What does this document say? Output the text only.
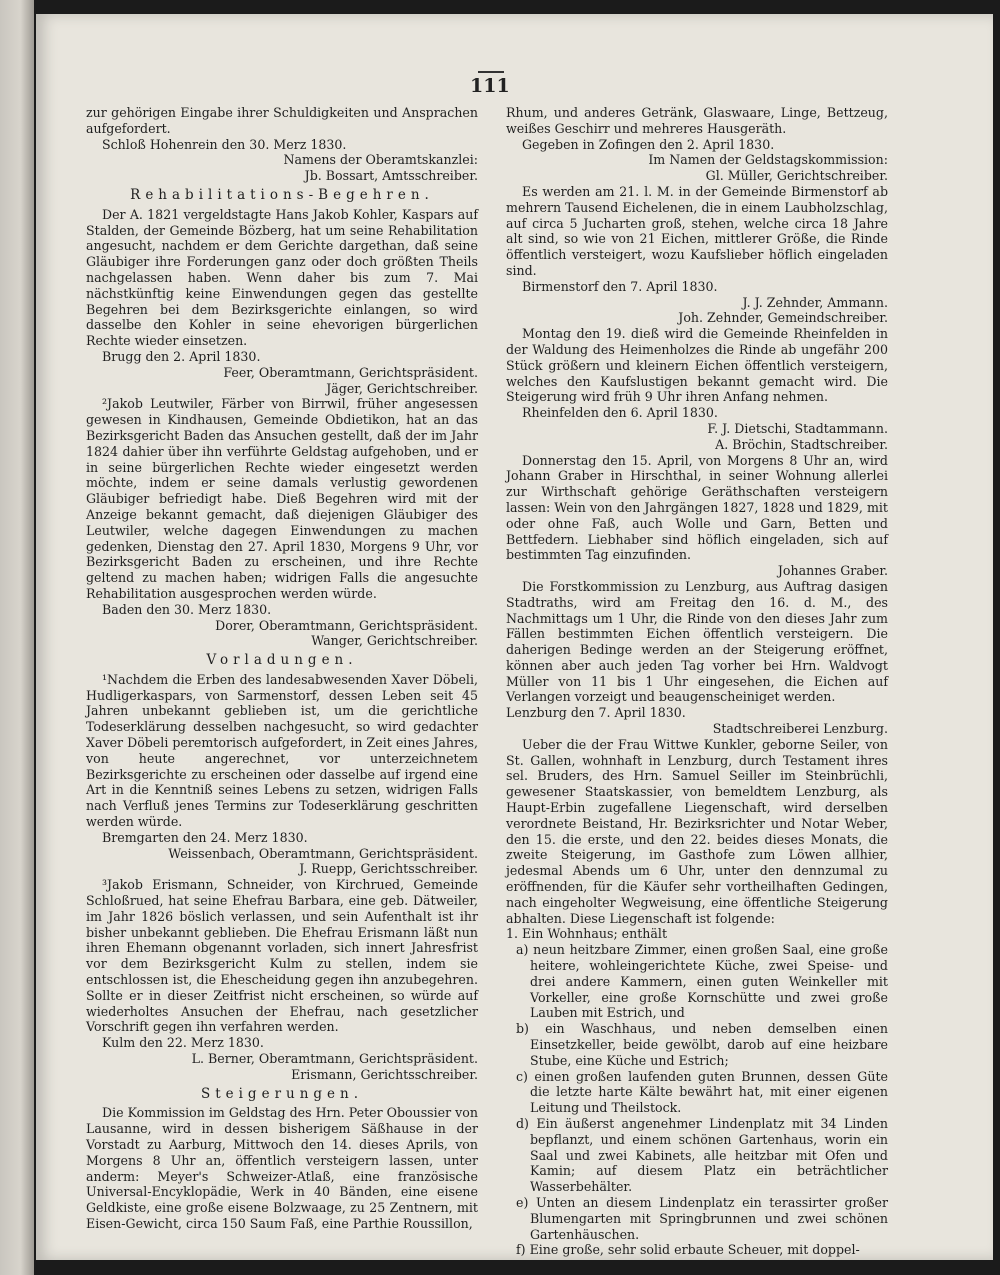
111

zur gehörigen Eingabe ihrer Schuldigkeiten und Ansprachen aufgefordert.

Schloß Hohenrein den 30. Merz 1830.

Namens der Oberamtskanzlei:

Jb. Bossart, Amtsschreiber.

Rehabilitations-Begehren.

Der A. 1821 vergeldstagte Hans Jakob Kohler, Kaspars auf Stalden, der Gemeinde Bözberg, hat um seine Rehabilitation angesucht, nachdem er dem Gerichte dargethan, daß seine Gläubiger ihre Forderungen ganz oder doch größten Theils nachgelassen haben. Wenn daher bis zum 7. Mai nächstkünftig keine Einwendungen gegen das gestellte Begehren bei dem Bezirksgerichte einlangen, so wird dasselbe den Kohler in seine ehevorigen bürgerlichen Rechte wieder einsetzen.

Brugg den 2. April 1830.

Feer, Oberamtmann, Gerichtspräsident.

Jäger, Gerichtschreiber.

²Jakob Leutwiler, Färber von Birrwil, früher angesessen gewesen in Kindhausen, Gemeinde Obdietikon, hat an das Bezirksgericht Baden das Ansuchen gestellt, daß der im Jahr 1824 dahier über ihn verführte Geldstag aufgehoben, und er in seine bürgerlichen Rechte wieder eingesetzt werden möchte, indem er seine damals verlustig gewordenen Gläubiger befriedigt habe. Dieß Begehren wird mit der Anzeige bekannt gemacht, daß diejenigen Gläubiger des Leutwiler, welche dagegen Einwendungen zu machen gedenken, Dienstag den 27. April 1830, Morgens 9 Uhr, vor Bezirksgericht Baden zu erscheinen, und ihre Rechte geltend zu machen haben; widrigen Falls die angesuchte Rehabilitation ausgesprochen werden würde.

Baden den 30. Merz 1830.

Dorer, Oberamtmann, Gerichtspräsident.

Wanger, Gerichtschreiber.

Vorladungen.

¹Nachdem die Erben des landesabwesenden Xaver Döbeli, Hudligerkaspars, von Sarmenstorf, dessen Leben seit 45 Jahren unbekannt geblieben ist, um die gerichtliche Todeserklärung desselben nachgesucht, so wird gedachter Xaver Döbeli peremtorisch aufgefordert, in Zeit eines Jahres, von heute angerechnet, vor unterzeichnetem Bezirksgerichte zu erscheinen oder dasselbe auf irgend eine Art in die Kenntniß seines Lebens zu setzen, widrigen Falls nach Verfluß jenes Termins zur Todeserklärung geschritten werden würde.

Bremgarten den 24. Merz 1830.

Weissenbach, Oberamtmann, Gerichtspräsident.

J. Ruepp, Gerichtsschreiber.

³Jakob Erismann, Schneider, von Kirchrued, Gemeinde Schloßrued, hat seine Ehefrau Barbara, eine geb. Dätweiler, im Jahr 1826 böslich verlassen, und sein Aufenthalt ist ihr bisher unbekannt geblieben. Die Ehefrau Erismann läßt nun ihren Ehemann obgenannt vorladen, sich innert Jahresfrist vor dem Bezirksgericht Kulm zu stellen, indem sie entschlossen ist, die Ehescheidung gegen ihn anzubegehren. Sollte er in dieser Zeitfrist nicht erscheinen, so würde auf wiederholtes Ansuchen der Ehefrau, nach gesetzlicher Vorschrift gegen ihn verfahren werden.

Kulm den 22. Merz 1830.

L. Berner, Oberamtmann, Gerichtspräsident.

Erismann, Gerichtsschreiber.

Steigerungen.

Die Kommission im Geldstag des Hrn. Peter Oboussier von Lausanne, wird in dessen bisherigem Säßhause in der Vorstadt zu Aarburg, Mittwoch den 14. dieses Aprils, von Morgens 8 Uhr an, öffentlich versteigern lassen, unter anderm: Meyer's Schweizer-Atlaß, eine französische Universal-Encyklopädie, Werk in 40 Bänden, eine eisene Geldkiste, eine große eisene Bolzwaage, zu 25 Zentnern, mit Eisen-Gewicht, circa 150 Saum Faß, eine Parthie Roussillon,

Rhum, und anderes Getränk, Glaswaare, Linge, Bettzeug, weißes Geschirr und mehreres Hausgeräth.

Gegeben in Zofingen den 2. April 1830.

Im Namen der Geldstagskommission:

Gl. Müller, Gerichtschreiber.

Es werden am 21. l. M. in der Gemeinde Birmenstorf ab mehrern Tausend Eichelenen, die in einem Laubholzschlag, auf circa 5 Jucharten groß, stehen, welche circa 18 Jahre alt sind, so wie von 21 Eichen, mittlerer Größe, die Rinde öffentlich versteigert, wozu Kaufslieber höflich eingeladen sind.

Birmenstorf den 7. April 1830.

J. J. Zehnder, Ammann.

Joh. Zehnder, Gemeindschreiber.

Montag den 19. dieß wird die Gemeinde Rheinfelden in der Waldung des Heimenholzes die Rinde ab ungefähr 200 Stück größern und kleinern Eichen öffentlich versteigern, welches den Kaufslustigen bekannt gemacht wird. Die Steigerung wird früh 9 Uhr ihren Anfang nehmen.

Rheinfelden den 6. April 1830.

F. J. Dietschi, Stadtammann.

A. Bröchin, Stadtschreiber.

Donnerstag den 15. April, von Morgens 8 Uhr an, wird Johann Graber in Hirschthal, in seiner Wohnung allerlei zur Wirthschaft gehörige Geräthschaften versteigern lassen: Wein von den Jahrgängen 1827, 1828 und 1829, mit oder ohne Faß, auch Wolle und Garn, Betten und Bettfedern. Liebhaber sind höflich eingeladen, sich auf bestimmten Tag einzufinden.

Johannes Graber.

Die Forstkommission zu Lenzburg, aus Auftrag dasigen Stadtraths, wird am Freitag den 16. d. M., des Nachmittags um 1 Uhr, die Rinde von den dieses Jahr zum Fällen bestimmten Eichen öffentlich versteigern. Die daherigen Bedinge werden an der Steigerung eröffnet, können aber auch jeden Tag vorher bei Hrn. Waldvogt Müller von 11 bis 1 Uhr eingesehen, die Eichen auf Verlangen vorzeigt und beaugenscheiniget werden.

Lenzburg den 7. April 1830.

Stadtschreiberei Lenzburg.

Ueber die der Frau Wittwe Kunkler, geborne Seiler, von St. Gallen, wohnhaft in Lenzburg, durch Testament ihres sel. Bruders, des Hrn. Samuel Seiller im Steinbrüchli, gewesener Staatskassier, von bemeldtem Lenzburg, als Haupt-Erbin zugefallene Liegenschaft, wird derselben verordnete Beistand, Hr. Bezirksrichter und Notar Weber, den 15. die erste, und den 22. beides dieses Monats, die zweite Steigerung, im Gasthofe zum Löwen allhier, jedesmal Abends um 6 Uhr, unter den dennzumal zu eröffnenden, für die Käufer sehr vortheilhaften Gedingen, nach eingeholter Wegweisung, eine öffentliche Steigerung abhalten. Diese Liegenschaft ist folgende:

1. Ein Wohnhaus; enthält

a) neun heitzbare Zimmer, einen großen Saal, eine große heitere, wohleingerichtete Küche, zwei Speise- und drei andere Kammern, einen guten Weinkeller mit Vorkeller, eine große Kornschütte und zwei große Lauben mit Estrich, und

b) ein Waschhaus, und neben demselben einen Einsetzkeller, beide gewölbt, darob auf eine heizbare Stube, eine Küche und Estrich;

c) einen großen laufenden guten Brunnen, dessen Güte die letzte harte Kälte bewährt hat, mit einer eigenen Leitung und Theilstock.

d) Ein äußerst angenehmer Lindenplatz mit 34 Linden bepflanzt, und einem schönen Gartenhaus, worin ein Saal und zwei Kabinets, alle heitzbar mit Ofen und Kamin; auf diesem Platz ein beträchtlicher Wasserbehälter.

e) Unten an diesem Lindenplatz ein terassirter großer Blumengarten mit Springbrunnen und zwei schönen Gartenhäuschen.

f) Eine große, sehr solid erbaute Scheuer, mit doppel-
